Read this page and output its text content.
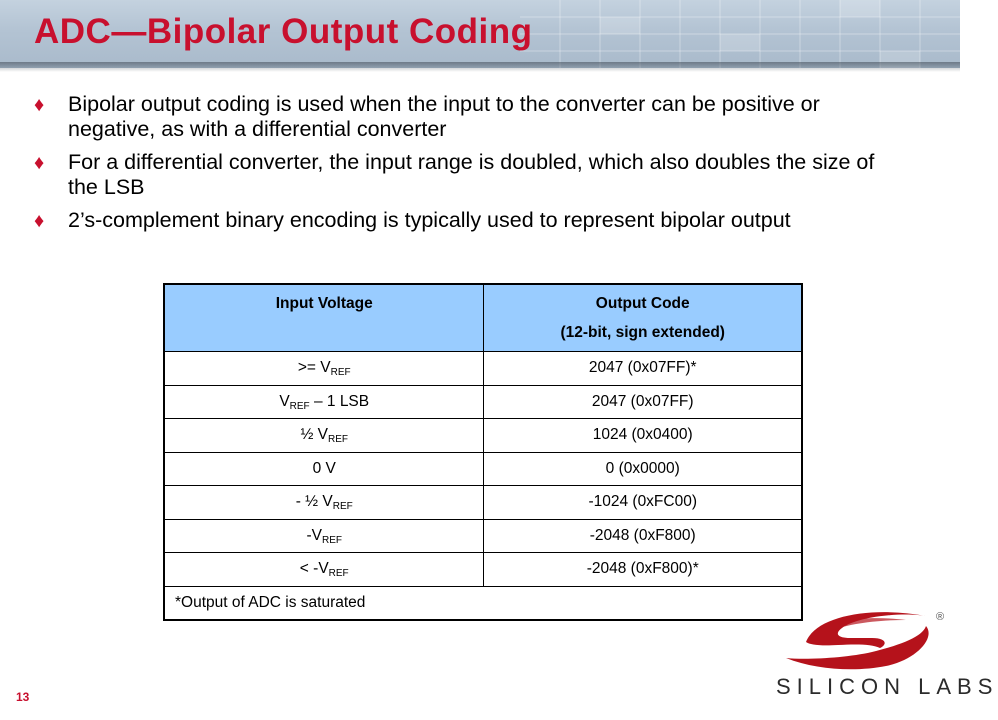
ADC—Bipolar Output Coding
♦ Bipolar output coding is used when the input to the converter can be positive or negative, as with a differential converter
♦ For a differential converter, the input range is doubled, which also doubles the size of the LSB
♦ 2’s-complement binary encoding is typically used to represent bipolar output
Input Voltage	Output Code
(12-bit, sign extended)

>= $V_{REF}$	2047 (0x07FF)*
$V_{REF} - 1$ LSB	2047 (0x07FF)
½ $V_{REF}$	1024 (0x0400)
0 V	0 (0x0000)
- ½ $V_{REF}$	-1024 (0xFC00)
$-V_{REF}$	-2048 (0xF800)
< $-V_{REF}$	-2048 (0xF800)*
*Output of ADC is saturated	
13
®
SILICON LABS
